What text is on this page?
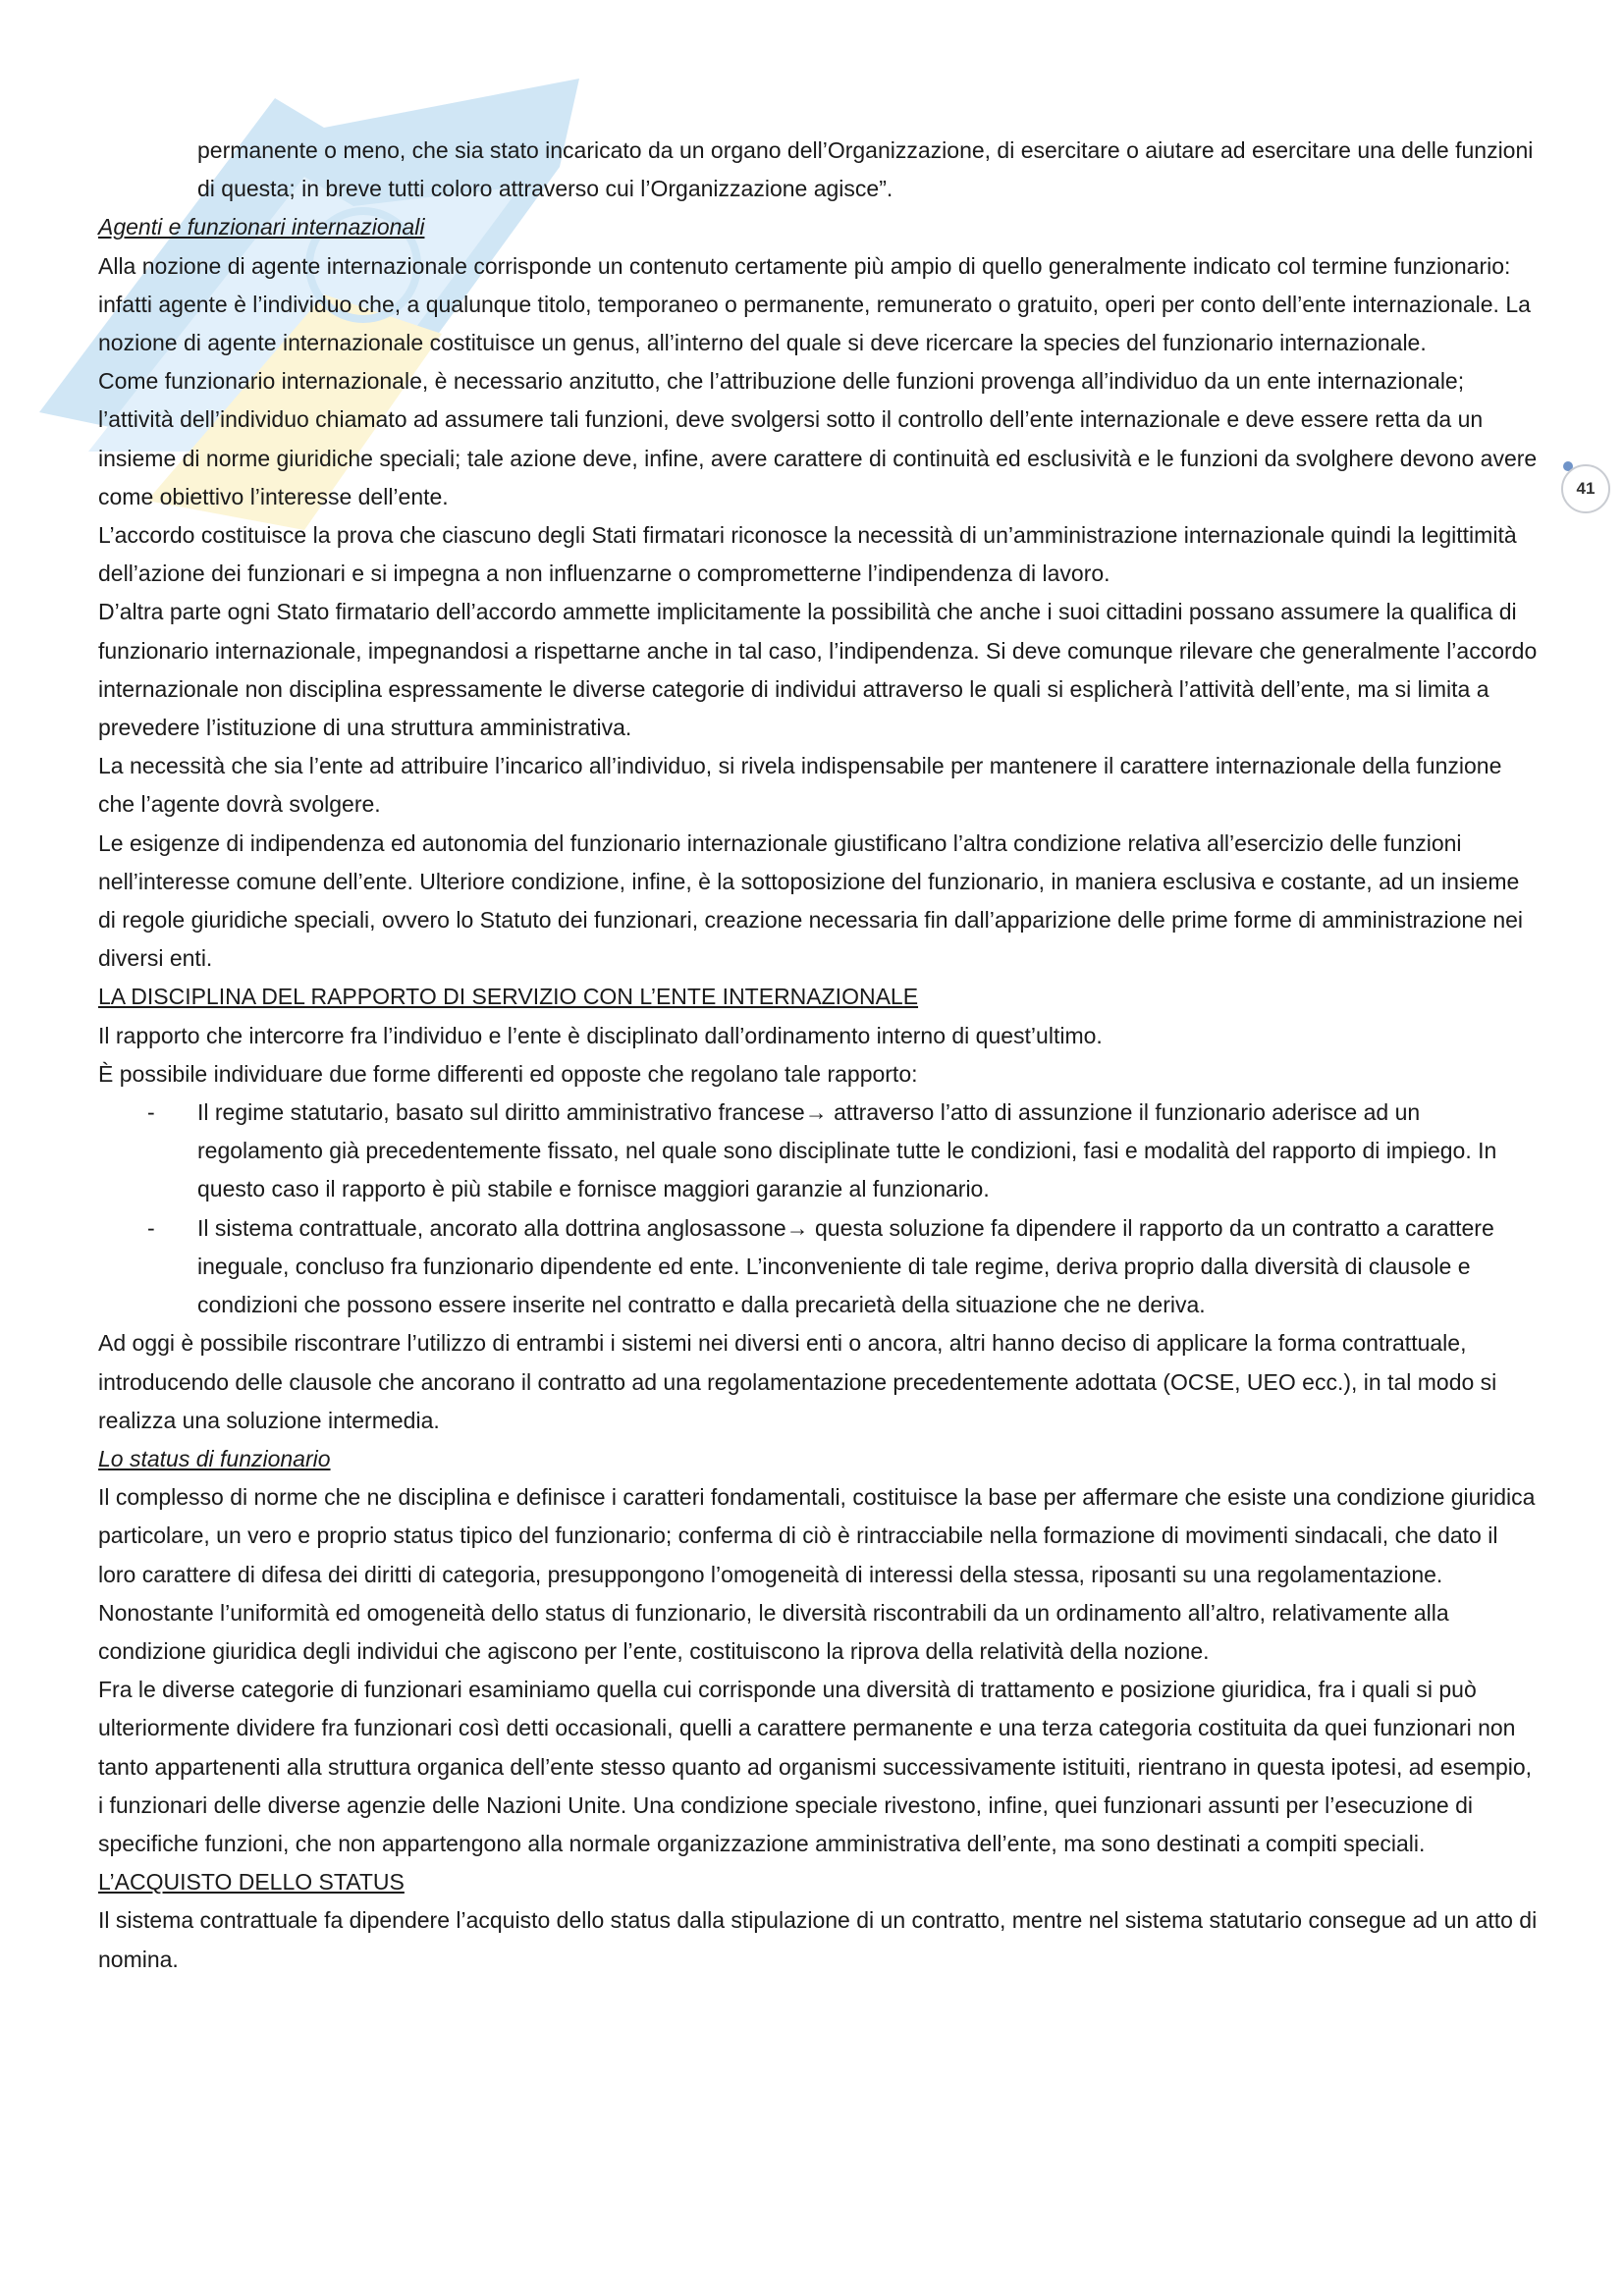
41

permanente o meno, che sia stato incaricato da un organo dell’Organizzazione, di esercitare o aiutare ad esercitare una delle funzioni di questa; in breve tutti coloro attraverso cui l’Organizzazione agisce”.

Agenti e funzionari internazionali

Alla nozione di agente internazionale corrisponde un contenuto certamente più ampio di quello generalmente indicato col termine funzionario: infatti agente è l’individuo che, a qualunque titolo, temporaneo o permanente, remunerato o gratuito, operi per conto dell’ente internazionale. La nozione di agente internazionale costituisce un genus, all’interno del quale si deve ricercare la species del funzionario internazionale.

Come funzionario internazionale, è necessario anzitutto, che l’attribuzione delle funzioni provenga all’individuo da un ente internazionale; l’attività dell’individuo chiamato ad assumere tali funzioni, deve svolgersi sotto il controllo dell’ente internazionale e deve essere retta da un insieme di norme giuridiche speciali; tale azione deve, infine, avere carattere di continuità ed esclusività e le funzioni da svolghere devono avere come obiettivo l’interesse dell’ente.

L’accordo costituisce la prova che ciascuno degli Stati firmatari riconosce la necessità di un’amministrazione internazionale quindi la legittimità dell’azione dei funzionari e si impegna a non influenzarne o comprometterne l’indipendenza di lavoro.

D’altra parte ogni Stato firmatario dell’accordo ammette implicitamente la possibilità che anche i suoi cittadini possano assumere la qualifica di funzionario internazionale, impegnandosi a rispettarne anche in tal caso, l’indipendenza. Si deve comunque rilevare che generalmente l’accordo internazionale non disciplina espressamente le diverse categorie di individui attraverso le quali si esplicherà l’attività dell’ente, ma si limita a prevedere l’istituzione di una struttura amministrativa.

La necessità che sia l’ente ad attribuire l’incarico all’individuo, si rivela indispensabile per mantenere il carattere internazionale della funzione che l’agente dovrà svolgere.

Le esigenze di indipendenza ed autonomia del funzionario internazionale giustificano l’altra condizione relativa all’esercizio delle funzioni nell’interesse comune dell’ente. Ulteriore condizione, infine, è la sottoposizione del funzionario, in maniera esclusiva e costante, ad un insieme di regole giuridiche speciali, ovvero lo Statuto dei funzionari, creazione necessaria fin dall’apparizione delle prime forme di amministrazione nei diversi enti.

LA DISCIPLINA DEL RAPPORTO DI SERVIZIO CON L’ENTE INTERNAZIONALE

Il rapporto che intercorre fra l’individuo e l’ente è disciplinato dall’ordinamento interno di quest’ultimo.

È possibile individuare due forme differenti ed opposte che regolano tale rapporto:

- Il regime statutario, basato sul diritto amministrativo francese→ attraverso l’atto di assunzione il funzionario aderisce ad un regolamento già precedentemente fissato, nel quale sono disciplinate tutte le condizioni, fasi e modalità del rapporto di impiego. In questo caso il rapporto è più stabile e fornisce maggiori garanzie al funzionario.
- Il sistema contrattuale, ancorato alla dottrina anglosassone→ questa soluzione fa dipendere il rapporto da un contratto a carattere ineguale, concluso fra funzionario dipendente ed ente. L’inconveniente di tale regime, deriva proprio dalla diversità di clausole e condizioni che possono essere inserite nel contratto e dalla precarietà della situazione che ne deriva.

Ad oggi è possibile riscontrare l’utilizzo di entrambi i sistemi nei diversi enti o ancora, altri hanno deciso di applicare la forma contrattuale, introducendo delle clausole che ancorano il contratto ad una regolamentazione precedentemente adottata (OCSE, UEO ecc.), in tal modo si realizza una soluzione intermedia.

Lo status di funzionario

Il complesso di norme che ne disciplina e definisce i caratteri fondamentali, costituisce la base per affermare che esiste una condizione giuridica particolare, un vero e proprio status tipico del funzionario; conferma di ciò è rintracciabile nella formazione di movimenti sindacali, che dato il loro carattere di difesa dei diritti di categoria, presuppongono l’omogeneità di interessi della stessa, riposanti su una regolamentazione.

Nonostante l’uniformità ed omogeneità dello status di funzionario, le diversità riscontrabili da un ordinamento all’altro, relativamente alla condizione giuridica degli individui che agiscono per l’ente, costituiscono la riprova della relatività della nozione.

Fra le diverse categorie di funzionari esaminiamo quella cui corrisponde una diversità di trattamento e posizione giuridica, fra i quali si può ulteriormente dividere fra funzionari così detti occasionali, quelli a carattere permanente e una terza categoria costituita da quei funzionari non tanto appartenenti alla struttura organica dell’ente stesso quanto ad organismi successivamente istituiti, rientrano in questa ipotesi, ad esempio, i funzionari delle diverse agenzie delle Nazioni Unite. Una condizione speciale rivestono, infine, quei funzionari assunti per l’esecuzione di specifiche funzioni, che non appartengono alla normale organizzazione amministrativa dell’ente, ma sono destinati a compiti speciali.

L’ACQUISTO DELLO STATUS

Il sistema contrattuale fa dipendere l’acquisto dello status dalla stipulazione di un contratto, mentre nel sistema statutario consegue ad un atto di nomina.
